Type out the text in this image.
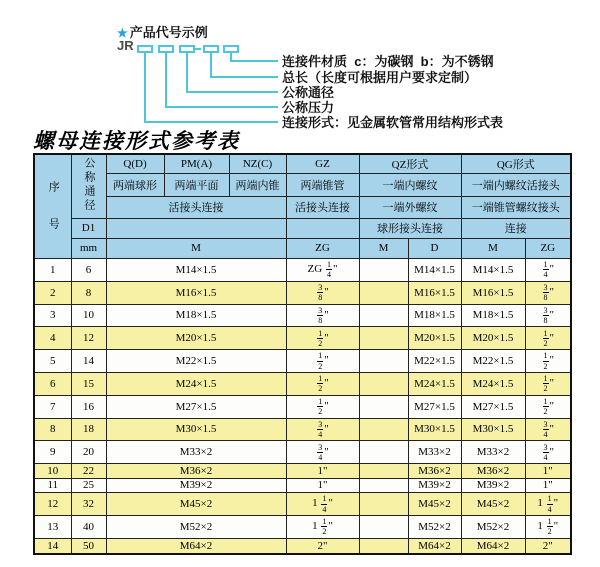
★ 产品代号示例
JR
连接件材质  c：为碳钢  b：为不锈钢
总长（长度可根据用户要求定制）
公称通径
公称压力
连接形式：见金属软管常用结构形式表
螺母连接形式参考表
序号	公称通径	Q(D)	PM(A)	NZ(C)	GZ	QZ形式		QG形式	
		两端球形	两端平面	两端内锥	两端锥管	一端内螺纹		一端内螺纹活接头	
		活接头连接			活接头连接	一端外螺纹		一端锥管螺纹接头	
	D1					球形接头连接		连接	
	mm	M			ZG	M	D	M	ZG
1	6	M14×1.5			ZG $\frac{1}{4}$"		M14×1.5	M14×1.5	$\frac{1}{4}$"
2	8	M16×1.5			$\frac{3}{8}$"		M16×1.5	M16×1.5	$\frac{3}{8}$"
3	10	M18×1.5			$\frac{3}{8}$"		M18×1.5	M18×1.5	$\frac{3}{8}$"
4	12	M20×1.5			$\frac{1}{2}$"		M20×1.5	M20×1.5	$\frac{1}{2}$"
5	14	M22×1.5			$\frac{1}{2}$"		M22×1.5	M22×1.5	$\frac{1}{2}$"
6	15	M24×1.5			$\frac{1}{2}$"		M24×1.5	M24×1.5	$\frac{1}{2}$"
7	16	M27×1.5			$\frac{1}{2}$"		M27×1.5	M27×1.5	$\frac{1}{2}$"
8	18	M30×1.5			$\frac{3}{4}$"		M30×1.5	M30×1.5	$\frac{3}{4}$"
9	20	M33×2			$\frac{3}{4}$"		M33×2	M33×2	$\frac{3}{4}$"
10	22	M36×2			1"		M36×2	M36×2	1"
11	25	M39×2			1"		M39×2	M39×2	1"
12	32	M45×2			$1 \frac{1}{4}$"		M45×2	M45×2	$1 \frac{1}{4}$"
13	40	M52×2			$1 \frac{1}{2}$"		M52×2	M52×2	$1 \frac{1}{2}$"
14	50	M64×2			2"		M64×2	M64×2	2"
